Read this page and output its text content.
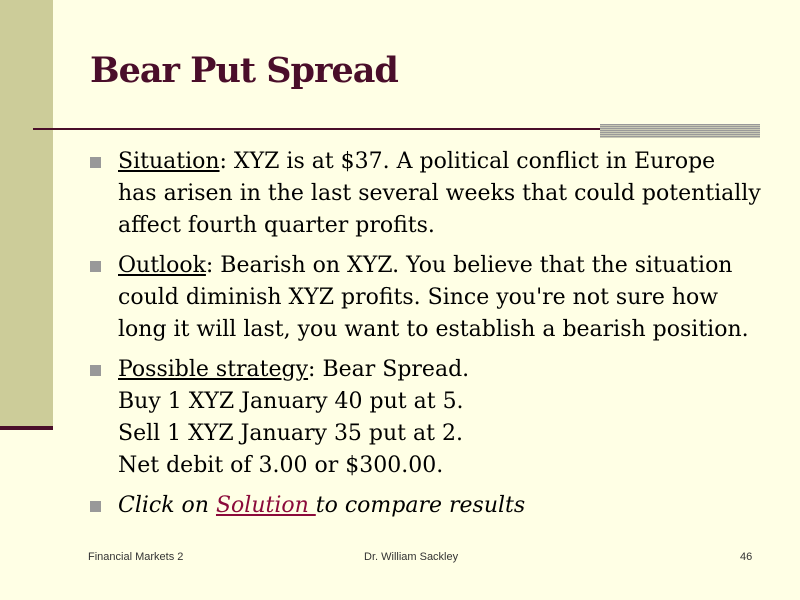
Bear Put Spread
Situation: XYZ is at $37. A political conflict in Europe
has arisen in the last several weeks that could potentially
affect fourth quarter profits.
Outlook: Bearish on XYZ. You believe that the situation
could diminish XYZ profits. Since you're not sure how
long it will last, you want to establish a bearish position.
Possible strategy: Bear Spread.
Buy 1 XYZ January 40 put at 5.
Sell 1 XYZ January 35 put at 2.
Net debit of 3.00 or $300.00.
Click on Solution to compare results
Financial Markets 2	Dr. William Sackley	46
